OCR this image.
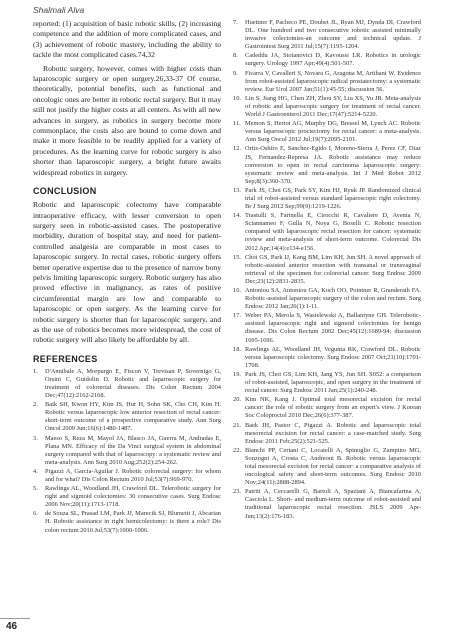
Shalmali Alva

reported: (1) acquisition of basic robotic skills, (2) increasing competence and the addition of more complicated cases, and (3) achievement of robotic mastery, including the ability to tackle the most complicated cases.74,32

Robotic surgery, however, comes with higher costs than laparoscopic surgery or open surgery.26,33-37 Of course, theoretically, potential benefits, such as functional and oncologic ones are better in robotic rectal surgery. But it may still not justify the higher costs at all centers. As with all new advances in surgery, as robotics in surgery become more commonplace, the costs also are bound to come down and make it more feasible to be readily applied for a variety of procedures. As the learning curve for robotic surgery is also shorter than laparoscopic surgery, a bright future awaits widespread robotics in surgery.

CONCLUSION

Robotic and laparoscopic colectomy have comparable intraoperative efficacy, with lesser conversion to open surgery seen in robotic-assisted cases. The postoperative morbidity, duration of hospital stay, and need for patient-controlled analgesia are comparable in most cases to laparoscopic surgery. In rectal cases, robotic surgery offers better operative expertise due to the presence of narrow bony pelvis limiting laparoscopic surgery. Robotic surgery has also proved effective in malignancy, as rates of positive circumferential margin are low and comparable to laparoscopic or open surgery. As the learning curve for robotic surgery is shorter than for laparoscopic surgery, and as the use of robotics becomes more widespread, the cost of robotic surgery will also likely be affordable by all.

REFERENCES
1. D'Annibale A, Morpurgo E, Fiscon V, Trevisan P, Sovernigo G, Orsini C, Guidolin D. Robotic and laparoscopic surgery for treatment of colorectal diseases. Dis Colon Rectum 2004 Dec;47(12):2162-2168.
2. Baik SH, Kwon HY, Kim JS, Hur H, Sohn SK, Cho CH, Kim H. Robotic versus laparoscopic low anterior resection of rectal cancer: short-term outcome of a prospective comparative study. Ann Surg Oncol 2009 Jun;16(6):1480-1487.
3. Maeso S, Reza M, Mayol JA, Blasco JA, Guerra M, Andradas E, Plana MN. Efficacy of the Da Vinci surgical system in abdominal surgery compared with that of laparoscopy: a systematic review and meta-analysis. Ann Surg 2010 Aug;252(2):254-262.
4. Pigazzi A, Garcia-Aguilar J. Robotic colorectal surgery: for whom and for what? Dis Colon Rectum 2010 Jul;53(7):969-970.
5. Rawlings AL, Woodland JH, Crawford DL. Telerobotic surgery for right and sigmoid colectomies: 30 consecutive cases. Surg Endosc 2006 Nov;20(11):1713-1718.
6. de Souza SL, Prasad LM, Park JJ, Marecik SJ, Blumetti J, Abcarian H. Robotic assistance in right hemicolectomy: is there a role? Dis colon rectum 2010 Jul;53(7):1000-1006.
7. Huettner F, Pacheco PE, Doubet JL, Ryan MJ, Dynda DI, Crawford DL. One hundred and two consecutive robotic assisted minimally invasive colectomies-an outcome and technical update. J Gastrointest Surg 2011 Jul;15(7):1195-1204.
8. Cadeddu JA, Stoianovici D, Kavoussi LR. Robotics in urologic surgery. Urology 1997 Apr;49(4):501-507.
9. Ficarra V, Cavalleri S, Novara G, Aragona M, Artibani W. Evidence from robot-assisted laparoscopic radical prostatectomy: a systematic review. Eur Urol 2007 Jan;51(1):45-55; discussion 56.
10. Lin S, Jiang HG, Chen ZH, Zhou SY, Liu XS, Yu JR. Meta-analysis of robotic and laparoscopic surgery for treatment of rectal cancer. World J Gastroenterol 2011 Dec;17(47):5214-5220.
11. Memon S, Heriot AG, Murphy DG, Bressel M, Lynch AC. Robotic versus laparoscopic proctectomy for rectal cancer: a meta-analysis. Ann Surg Oncol 2012 Jul;19(7):2095-2101.
12. Ortiz-Oshiro E, Sanchez-Egido I, Moreno-Sierra J, Perez CF, Diaz JS, Fernandez-Represa JA. Robotic assistance may reduce conversion to open in rectal carcinoma laparoscopic surgery: systematic review and meta-analysis. Int J Med Robot 2012 Sep;8(3):360-370.
13. Park JS, Choi GS, Park SY, Kim HJ, Ryuk JP. Randomized clinical trial of robot-assisted versus standard laparoscopic right colectomy. Br J Surg 2012 Sep;99(9):1219-1226.
14. Trastulli S, Farinella E, Cirocchi R, Cavaliere D, Avenia N, Sciannameo F, Gulla N, Noya G, Boselli C. Robotic resection compared with laparoscopic rectal resection for cancer: systematic review and meta-analysis of short-term outcome. Colorectal Dis 2012 Apr;14(4):e134-e156.
15. Choi GS, Park IJ, Kang BM, Lim KH, Jun SH. A novel approach of robotic-assisted anterior resection with transanal or transvaginal retrieval of the specimen for colorectal cancer. Surg Endosc 2009 Dec;23(12):2831-2835.
16. Antoniou SA, Antoniou GA, Koch OO, Pointner R, Granderath FA. Robotic-assisted laparoscopic surgery of the colon and rectum. Surg Endosc 2012 Jan;26(1):1-11.
17. Weber PA, Merola S, Wasielewski A, Ballantyne GH. Telerobotic-assisted laparoscopic right and sigmoid colectomies for benign disease. Dis Colon Rectum 2002 Dec;45(12):1689-94; discussion 1695-1696.
18. Rawlings AL, Woodland JH, Vegunta RK, Crawford DL. Robotic versus laparoscopic colectomy. Surg Endosc 2007 Oct;21(10):1701-1708.
19. Park JS, Choi GS, Lim KH, Jang YS, Jun SH. S052: a comparison of robot-assisted, laparoscopic, and open surgery in the treatment of rectal cancer. Surg Endosc 2011 Jan;25(1):240-248.
20. Kim NK, Kang J. Optimal total mesorectal excision for rectal cancer: the role of robotic surgery from an expert's view. J Korean Soc Coloproctol 2010 Dec;26(6):377-387.
21. Baek JH, Pastor C, Pigazzi A. Robotic and laparoscopic total mesorectal excision for rectal cancer: a case-matched study. Surg Endosc 2011 Feb;25(2):521-525.
22. Bianchi PP, Ceriani C, Locatelli A, Spinoglio G, Zampino MG, Sonzogni A, Crosta C, Andreoni B. Robotic versus laparoscopic total mesorectal excision for rectal cancer: a comparative analysis of oncological safety and short-term outcomes. Surg Endosc 2010 Nov;24(11):2888-2894.
23. Patriti A, Ceccarelli G, Bartoli A, Spaziani A, Biancafarina A, Casciola L. Short- and medium-term outcome of robot-assisted and traditional laparoscopic rectal resection. JSLS 2009 Apr-Jun;13(2):176-183.
46
